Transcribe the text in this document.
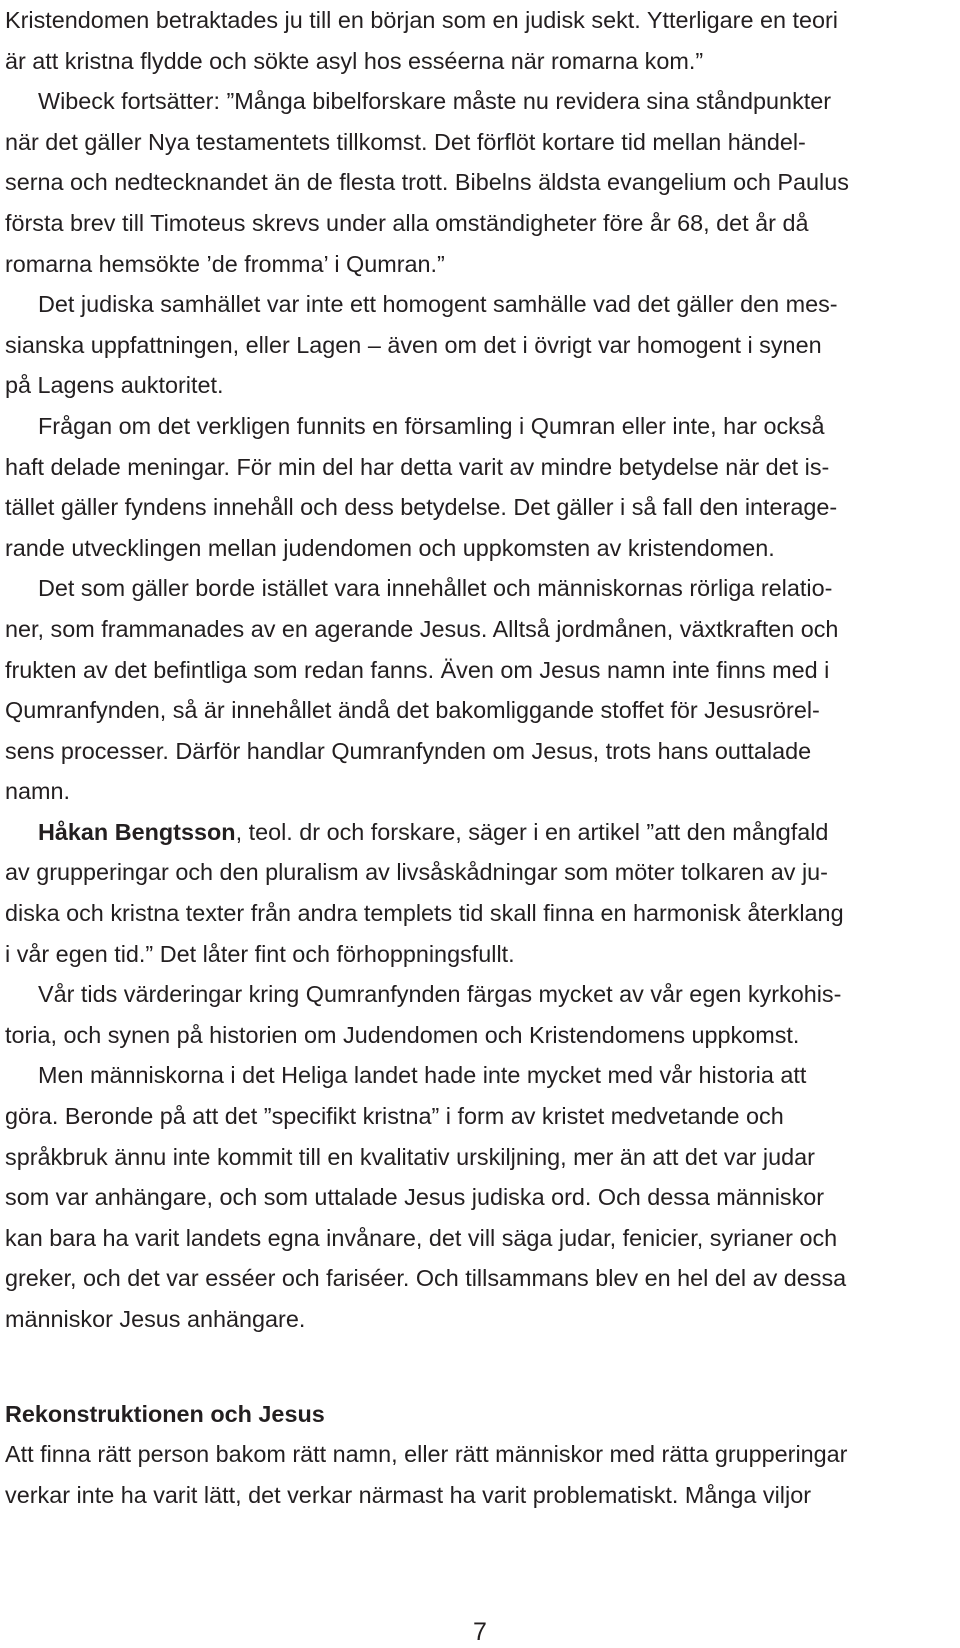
Kristendomen betraktades ju till en början som en judisk sekt. Ytterligare en teori
är att kristna flydde och sökte asyl hos esséerna när romarna kom.”
Wibeck fortsätter: ”Många bibelforskare måste nu revidera sina ståndpunkter
när det gäller Nya testamentets tillkomst. Det förflöt kortare tid mellan händel-
serna och nedtecknandet än de flesta trott. Bibelns äldsta evangelium och Paulus
första brev till Timoteus skrevs under alla omständigheter före år 68, det år då
romarna hemsökte ’de fromma’ i Qumran.”
Det judiska samhället var inte ett homogent samhälle vad det gäller den mes-
sianska uppfattningen, eller Lagen – även om det i övrigt var homogent i synen
på Lagens auktoritet.
Frågan om det verkligen funnits en församling i Qumran eller inte, har också
haft delade meningar. För min del har detta varit av mindre betydelse när det is-
tället gäller fyndens innehåll och dess betydelse. Det gäller i så fall den interage-
rande utvecklingen mellan judendomen och uppkomsten av kristendomen.
Det som gäller borde istället vara innehållet och människornas rörliga relatio-
ner, som frammanades av en agerande Jesus. Alltså jordmånen, växtkraften och
frukten av det befintliga som redan fanns. Även om Jesus namn inte finns med i
Qumranfynden, så är innehållet ändå det bakomliggande stoffet för Jesusrörel-
sens processer. Därför handlar Qumranfynden om Jesus, trots hans outtalade
namn.
Håkan Bengtsson, teol. dr och forskare, säger i en artikel ”att den mångfald
av grupperingar och den pluralism av livsåskådningar som möter tolkaren av ju-
diska och kristna texter från andra templets tid skall finna en harmonisk återklang
i vår egen tid.” Det låter fint och förhoppningsfullt.
Vår tids värderingar kring Qumranfynden färgas mycket av vår egen kyrkohis-
toria, och synen på historien om Judendomen och Kristendomens uppkomst.
Men människorna i det Heliga landet hade inte mycket med vår historia att
göra. Beronde på att det ”specifikt kristna” i form av kristet medvetande och
språkbruk ännu inte kommit till en kvalitativ urskiljning, mer än att det var judar
som var anhängare, och som uttalade Jesus judiska ord. Och dessa människor
kan bara ha varit landets egna invånare, det vill säga judar, fenicier, syrianer och
greker, och det var esséer och fariséer. Och tillsammans blev en hel del av dessa
människor Jesus anhängare.
Rekonstruktionen och Jesus
Att finna rätt person bakom rätt namn, eller rätt människor med rätta grupperingar
verkar inte ha varit lätt, det verkar närmast ha varit problematiskt. Många viljor
7
